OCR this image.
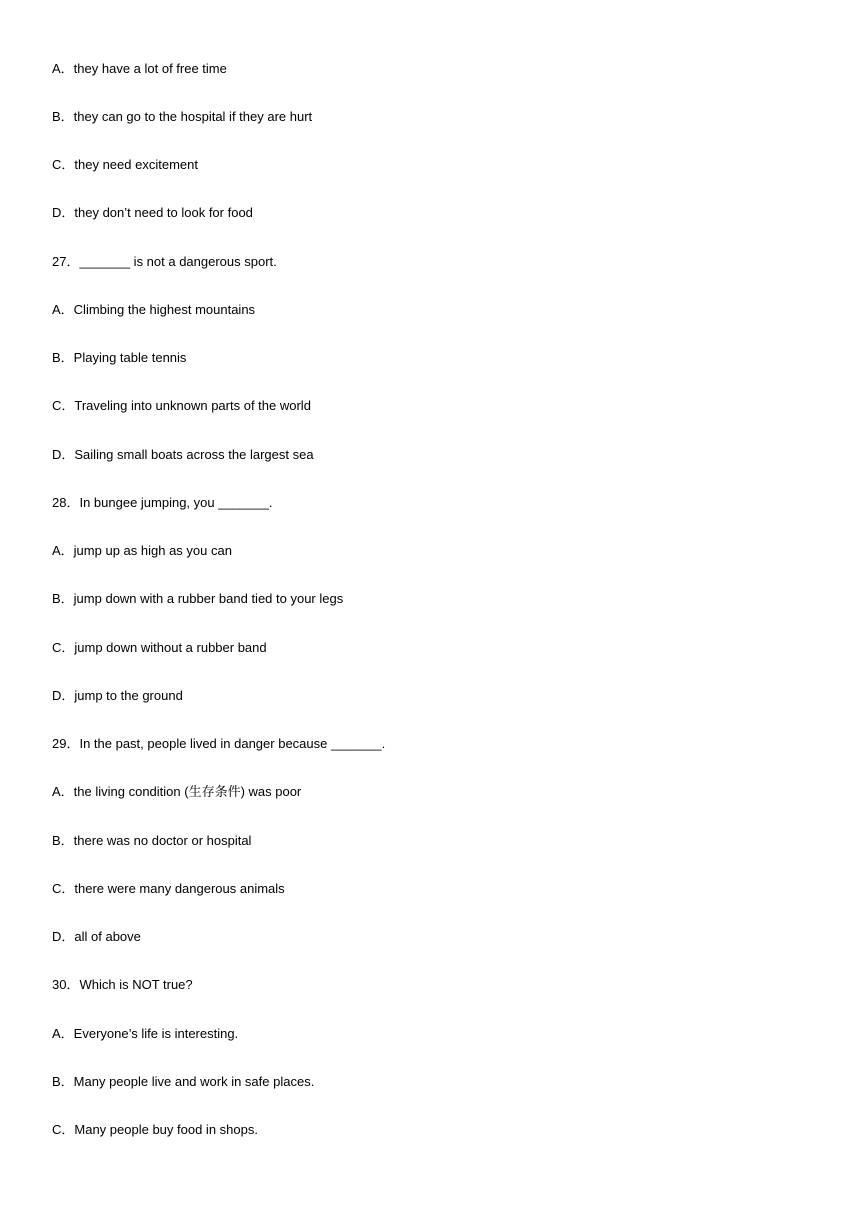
A．they have a lot of free time
B．they can go to the hospital if they are hurt
C．they need excitement
D．they don’t need to look for food
27．_______ is not a dangerous sport.
A．Climbing the highest mountains
B．Playing table tennis
C．Traveling into unknown parts of the world
D．Sailing small boats across the largest sea
28．In bungee jumping, you _______.
A．jump up as high as you can
B．jump down with a rubber band tied to your legs
C．jump down without a rubber band
D．jump to the ground
29．In the past, people lived in danger because _______.
A．the living condition (生存条件) was poor
B．there was no doctor or hospital
C．there were many dangerous animals
D．all of above
30．Which is NOT true?
A．Everyone’s life is interesting.
B．Many people live and work in safe places.
C．Many people buy food in shops.
